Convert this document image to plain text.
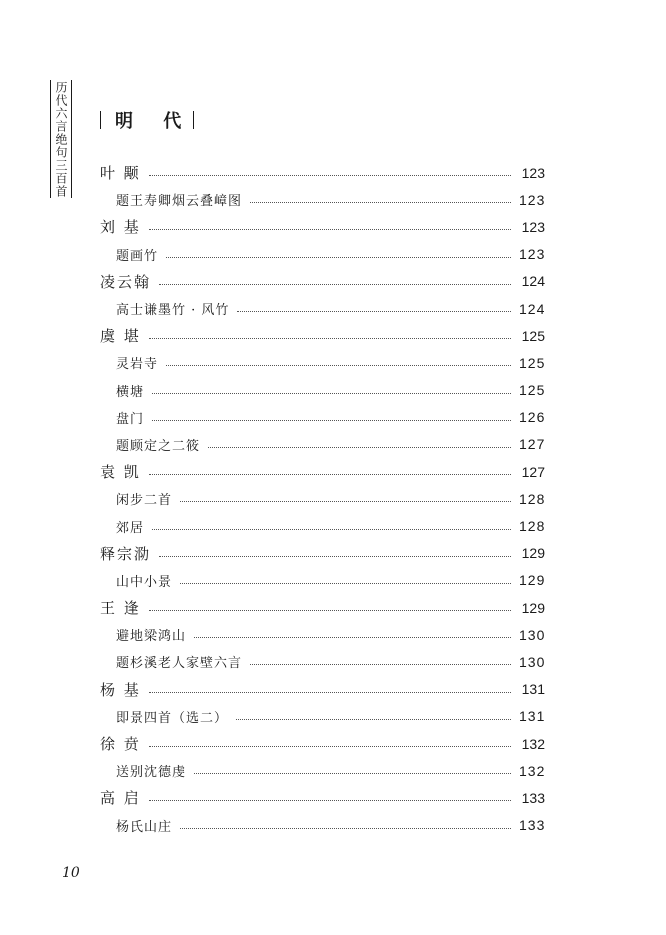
历代六言绝句三百首	明 代
叶 颙	123
题王寿卿烟云叠嶂图	123
刘 基	123
题画竹	123
凌云翰	124
高士谦墨竹 · 风竹	124
虞 堪	125
灵岩寺	125
横塘	125
盘门	126
题顾定之二筱	127
袁 凯	127
闲步二首	128
郊居	128
释宗泐	129
山中小景	129
王 逢	129
避地梁鸿山	130
题杉溪老人家壁六言	130
杨 基	131
即景四首（选二）	131
徐 贲	132
送别沈德虔	132
高 启	133
杨氏山庄	133
10
